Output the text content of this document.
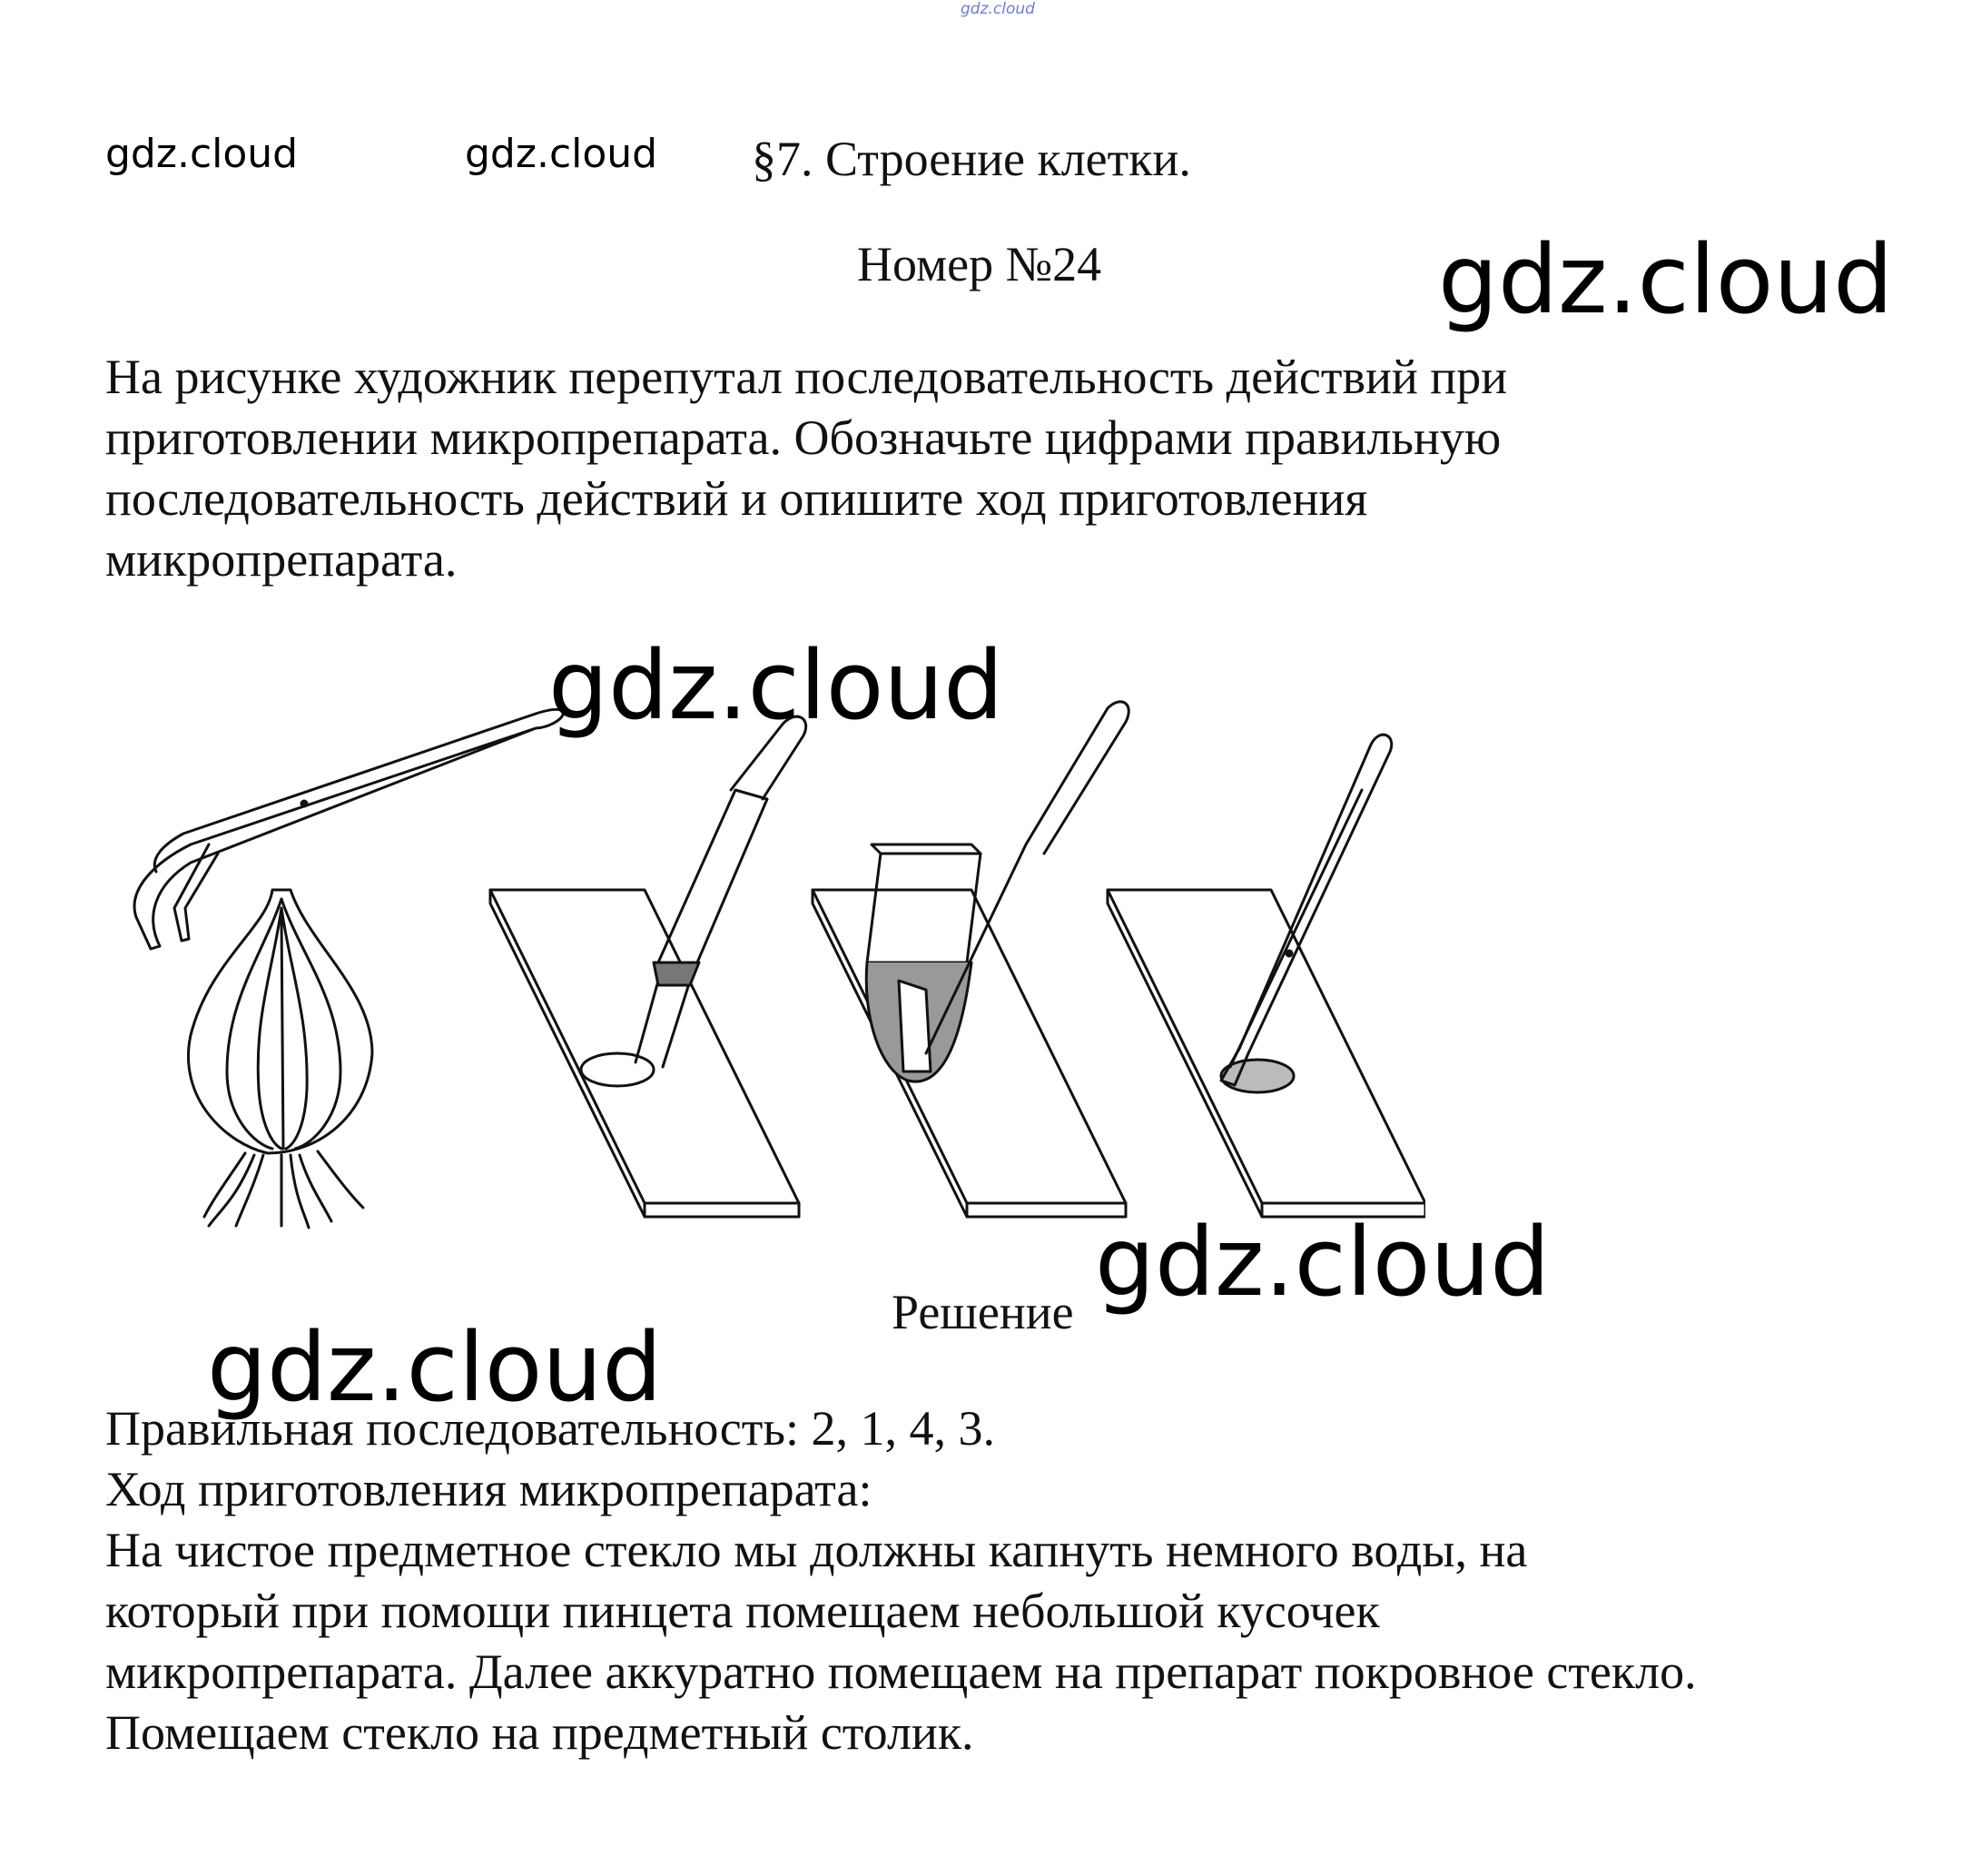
gdz.cloud
gdz.cloud	gdz.cloud §7. Строение клетки.
Номер №24	gdz.cloud

На рисунке художник перепутал последовательность действий при
приготовлении микропрепарата. Обозначьте цифрами правильную
последовательность действий и опишите ход приготовления
микропрепарата.

gdz.cloud
Решение gdz.cloud
gdz.cloud

Правильная последовательность: 2, 1, 4, 3.
Ход приготовления микропрепарата:
На чистое предметное стекло мы должны капнуть немного воды, на
который при помощи пинцета помещаем небольшой кусочек
микропрепарата. Далее аккуратно помещаем на препарат покровное стекло.
Помещаем стекло на предметный столик.
